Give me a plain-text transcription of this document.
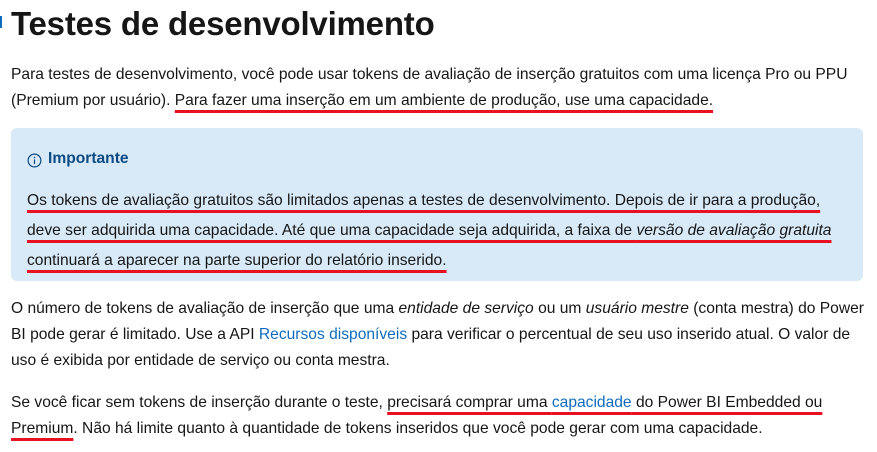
Testes de desenvolvimento

Para testes de desenvolvimento, você pode usar tokens de avaliação de inserção gratuitos com uma licença Pro ou PPU (Premium por usuário). Para fazer uma inserção em um ambiente de produção, use uma capacidade.

Importante
Os tokens de avaliação gratuitos são limitados apenas a testes de desenvolvimento. Depois de ir para a produção, deve ser adquirida uma capacidade. Até que uma capacidade seja adquirida, a faixa de versão de avaliação gratuita continuará a aparecer na parte superior do relatório inserido.

O número de tokens de avaliação de inserção que uma entidade de serviço ou um usuário mestre (conta mestra) do Power BI pode gerar é limitado. Use a API Recursos disponíveis para verificar o percentual de seu uso inserido atual. O valor de uso é exibida por entidade de serviço ou conta mestra.

Se você ficar sem tokens de inserção durante o teste, precisará comprar uma capacidade do Power BI Embedded ou Premium. Não há limite quanto à quantidade de tokens inseridos que você pode gerar com uma capacidade.
